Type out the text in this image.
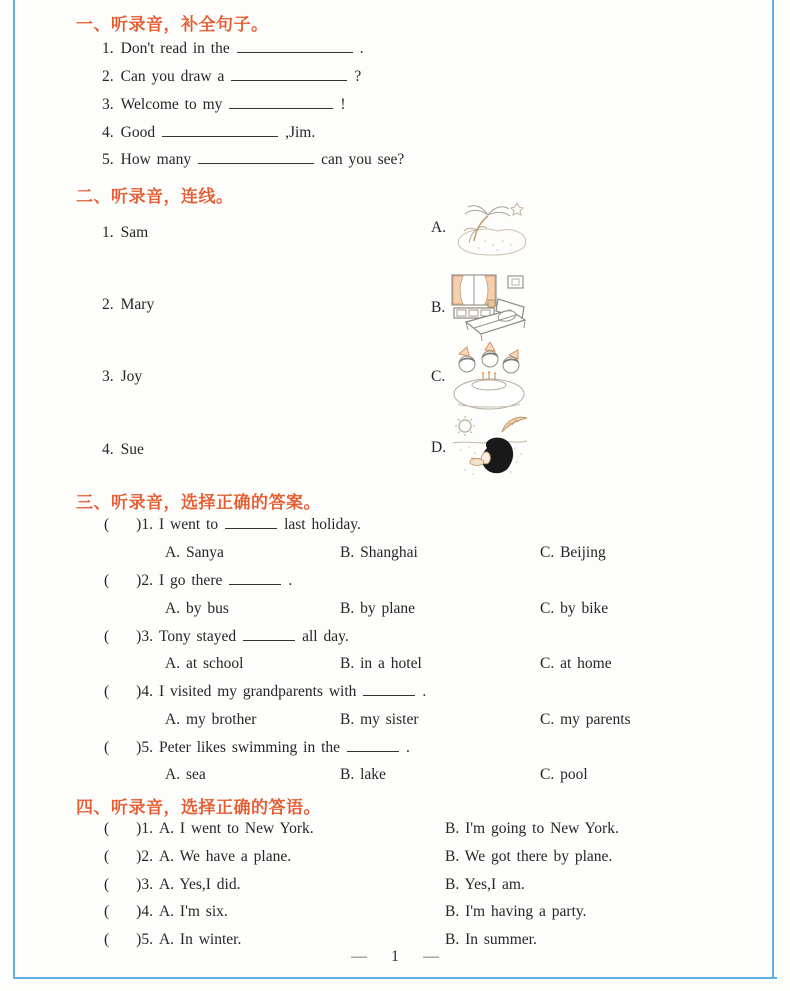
一、听录音，补全句子。
1. Don't read in the	.
2. Can you draw a	?
3. Welcome to my	!
4. Good	,Jim.
5. How many	can you see?
二、听录音，连线。
1. Sam
2. Mary
3. Joy
4. Sue
A.
B.
C.
D.
三、听录音，选择正确的答案。
( )1. I went to	last holiday.
A. Sanya	B. Shanghai	C. Beijing
( )2. I go there	.
A. by bus	B. by plane	C. by bike
( )3. Tony stayed	all day.
A. at school	B. in a hotel	C. at home
( )4. I visited my grandparents with	.
A. my brother	B. my sister	C. my parents
( )5. Peter likes swimming in the	.
A. sea	B. lake	C. pool
四、听录音，选择正确的答语。
( )1. A. I went to New York.	B. I'm going to New York.
( )2. A. We have a plane.	B. We got there by plane.
( )3. A. Yes,I did.	B. Yes,I am.
( )4. A. I'm six.	B. I'm having a party.
( )5. A. In winter.	B. In summer.
— 1 —
